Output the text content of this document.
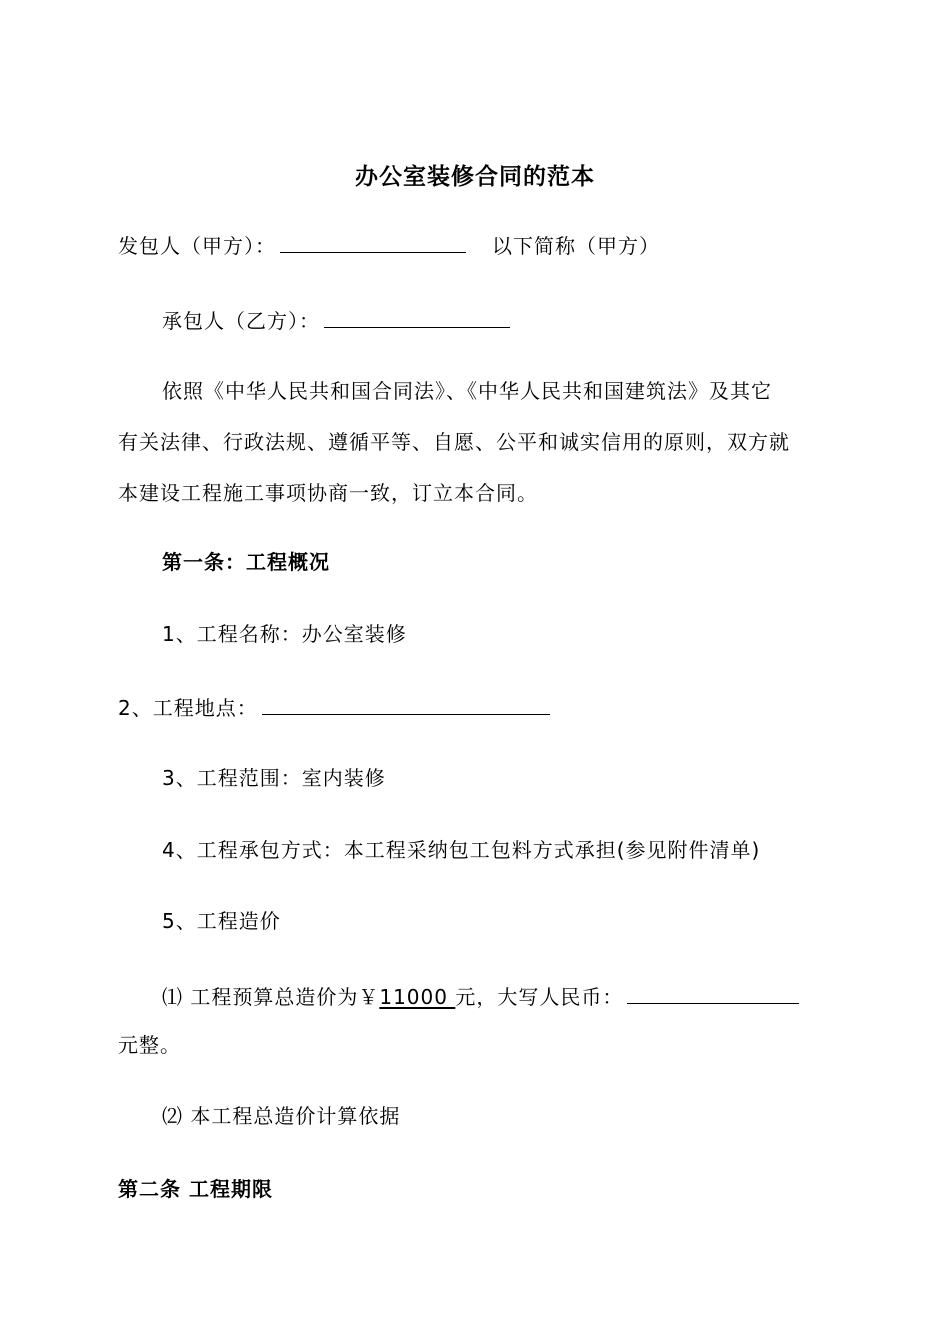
办公室装修合同的范本
发包人（甲方）：	以下简称（甲方）
承包人（乙方）：
依照《中华人民共和国合同法》、《中华人民共和国建筑法》及其它
有关法律、行政法规、遵循平等、自愿、公平和诚实信用的原则，双方就
本建设工程施工事项协商一致，订立本合同。
第一条：工程概况
1、工程名称：办公室装修
2、工程地点：
3、工程范围：室内装修
4、工程承包方式：本工程采纳包工包料方式承担(参见附件清单)
5、工程造价
⑴ 工程预算总造价为￥11000 元，大写人民币：
元整。
⑵ 本工程总造价计算依据
第二条 工程期限
